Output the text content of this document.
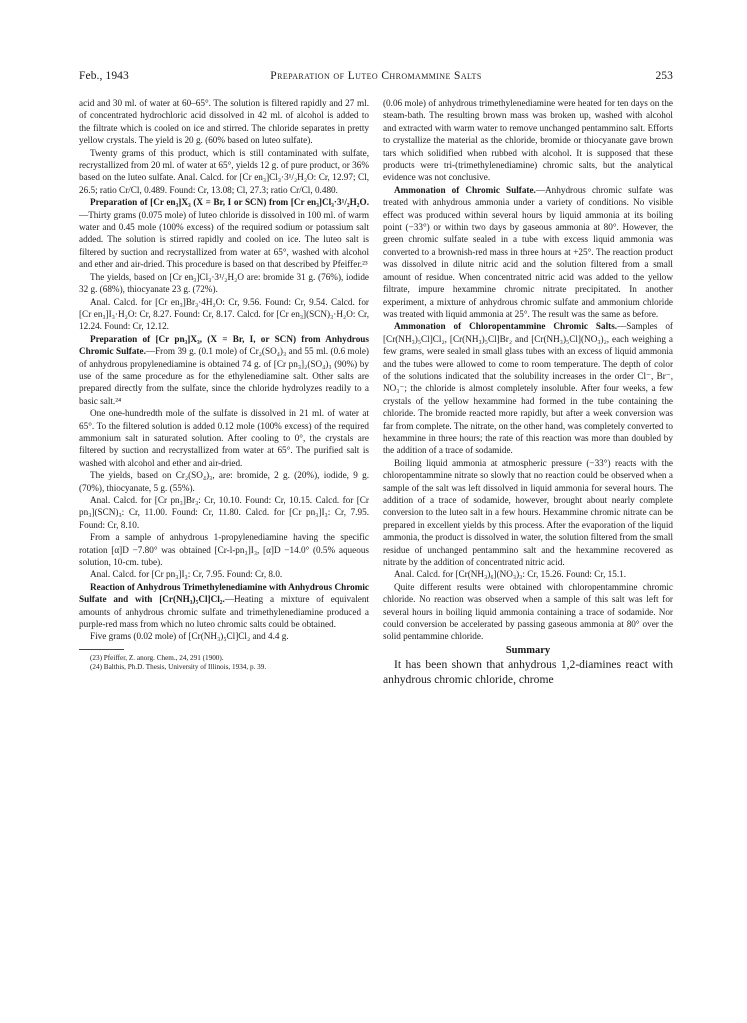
Feb., 1943	Preparation of Luteo Chromammine Salts	253

acid and 30 ml. of water at 60–65°. The solution is filtered rapidly and 27 ml. of concentrated hydrochloric acid dissolved in 42 ml. of alcohol is added to the filtrate which is cooled on ice and stirred. The chloride separates in pretty yellow crystals. The yield is 20 g. (60% based on luteo sulfate).

Twenty grams of this product, which is still contaminated with sulfate, recrystallized from 20 ml. of water at 65°, yields 12 g. of pure product, or 36% based on the luteo sulfate. Anal. Calcd. for [Cr en₃]Cl₃·3¹/₂H₂O: Cr, 12.97; Cl, 26.5; ratio Cr/Cl, 0.489. Found: Cr, 13.08; Cl, 27.3; ratio Cr/Cl, 0.480.

Preparation of [Cr en₃]X₃ (X = Br, I or SCN) from [Cr en₃]Cl₃·3¹/₂H₂O.—Thirty grams (0.075 mole) of luteo chloride is dissolved in 100 ml. of warm water and 0.45 mole (100% excess) of the required sodium or potassium salt added. The solution is stirred rapidly and cooled on ice. The luteo salt is filtered by suction and recrystallized from water at 65°, washed with alcohol and ether and air-dried. This procedure is based on that described by Pfeiffer.²³

The yields, based on [Cr en₃]Cl₃·3¹/₂H₂O are: bromide 31 g. (76%), iodide 32 g. (68%), thiocyanate 23 g. (72%).

Anal. Calcd. for [Cr en₃]Br₃·4H₂O: Cr, 9.56. Found: Cr, 9.54. Calcd. for [Cr en₃]I₃·H₂O: Cr, 8.27. Found: Cr, 8.17. Calcd. for [Cr en₃](SCN)₃·H₂O: Cr, 12.24. Found: Cr, 12.12.

Preparation of [Cr pn₃]X₃, (X = Br, I, or SCN) from Anhydrous Chromic Sulfate.—From 39 g. (0.1 mole) of Cr₂(SO₄)₃ and 55 ml. (0.6 mole) of anhydrous propylenediamine is obtained 74 g. of [Cr pn₃]₂(SO₄)₃ (90%) by use of the same procedure as for the ethylenediamine salt. Other salts are prepared directly from the sulfate, since the chloride hydrolyzes readily to a basic salt.²⁴

One one-hundredth mole of the sulfate is dissolved in 21 ml. of water at 65°. To the filtered solution is added 0.12 mole (100% excess) of the required ammonium salt in saturated solution. After cooling to 0°, the crystals are filtered by suction and recrystallized from water at 65°. The purified salt is washed with alcohol and ether and air-dried.

The yields, based on Cr₂(SO₄)₃, are: bromide, 2 g. (20%), iodide, 9 g. (70%), thiocyanate, 5 g. (55%).

Anal. Calcd. for [Cr pn₃]Br₃: Cr, 10.10. Found: Cr, 10.15. Calcd. for [Cr pn₃](SCN)₃: Cr, 11.00. Found: Cr, 11.80. Calcd. for [Cr pn₃]I₃: Cr, 7.95. Found: Cr, 8.10.

From a sample of anhydrous 1-propylenediamine having the specific rotation [α]D −7.80° was obtained [Cr-l-pn₃]I₃, [α]D −14.0° (0.5% aqueous solution, 10-cm. tube).

Anal. Calcd. for [Cr pn₃]I₃: Cr, 7.95. Found: Cr, 8.0.

Reaction of Anhydrous Trimethylenediamine with Anhydrous Chromic Sulfate and with [Cr(NH₃)₅Cl]Cl₂.—Heating a mixture of equivalent amounts of anhydrous chromic sulfate and trimethylenediamine produced a purple-red mass from which no luteo chromic salts could be obtained.

Five grams (0.02 mole) of [Cr(NH₃)₅Cl]Cl₂ and 4.4 g.

(23) Pfeiffer, Z. anorg. Chem., 24, 291 (1900).

(24) Balthis, Ph.D. Thesis, University of Illinois, 1934, p. 39.

(0.06 mole) of anhydrous trimethylenediamine were heated for ten days on the steam-bath. The resulting brown mass was broken up, washed with alcohol and extracted with warm water to remove unchanged pentammino salt. Efforts to crystallize the material as the chloride, bromide or thiocyanate gave brown tars which solidified when rubbed with alcohol. It is supposed that these products were tri-(trimethylenediamine) chromic salts, but the analytical evidence was not conclusive.

Ammonation of Chromic Sulfate.—Anhydrous chromic sulfate was treated with anhydrous ammonia under a variety of conditions. No visible effect was produced within several hours by liquid ammonia at its boiling point (−33°) or within two days by gaseous ammonia at 80°. However, the green chromic sulfate sealed in a tube with excess liquid ammonia was converted to a brownish-red mass in three hours at +25°. The reaction product was dissolved in dilute nitric acid and the solution filtered from a small amount of residue. When concentrated nitric acid was added to the yellow filtrate, impure hexammine chromic nitrate precipitated. In another experiment, a mixture of anhydrous chromic sulfate and ammonium chloride was treated with liquid ammonia at 25°. The result was the same as before.

Ammonation of Chloropentammine Chromic Salts.—Samples of [Cr(NH₃)₅Cl]Cl₂, [Cr(NH₃)₅Cl]Br₂ and [Cr(NH₃)₅Cl](NO₃)₂, each weighing a few grams, were sealed in small glass tubes with an excess of liquid ammonia and the tubes were allowed to come to room temperature. The depth of color of the solutions indicated that the solubility increases in the order Cl⁻, Br⁻, NO₃⁻; the chloride is almost completely insoluble. After four weeks, a few crystals of the yellow hexammine had formed in the tube containing the chloride. The bromide reacted more rapidly, but after a week conversion was far from complete. The nitrate, on the other hand, was completely converted to hexammine in three hours; the rate of this reaction was more than doubled by the addition of a trace of sodamide.

Boiling liquid ammonia at atmospheric pressure (−33°) reacts with the chloropentammine nitrate so slowly that no reaction could be observed when a sample of the salt was left dissolved in liquid ammonia for several hours. The addition of a trace of sodamide, however, brought about nearly complete conversion to the luteo salt in a few hours. Hexammine chromic nitrate can be prepared in excellent yields by this process. After the evaporation of the liquid ammonia, the product is dissolved in water, the solution filtered from the small residue of unchanged pentammino salt and the hexammine recovered as nitrate by the addition of concentrated nitric acid.

Anal. Calcd. for [Cr(NH₃)₆](NO₃)₃: Cr, 15.26. Found: Cr, 15.1.

Quite different results were obtained with chloropentammine chromic chloride. No reaction was observed when a sample of this salt was left for several hours in boiling liquid ammonia containing a trace of sodamide. Nor could conversion be accelerated by passing gaseous ammonia at 80° over the solid pentammine chloride.

Summary

It has been shown that anhydrous 1,2-diamines react with anhydrous chromic chloride, chrome
